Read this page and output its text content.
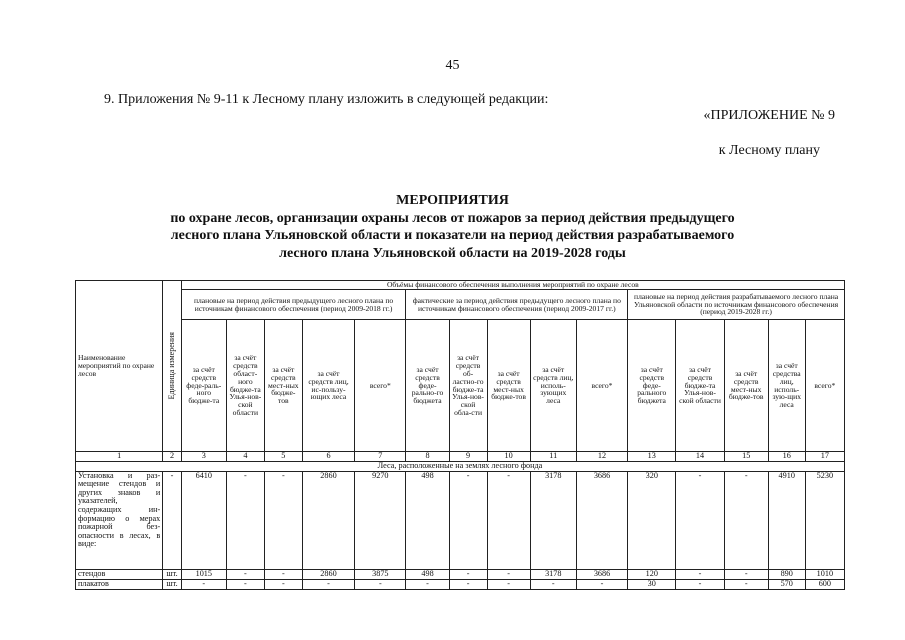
45
9. Приложения № 9-11 к Лесному плану изложить в следующей редакции:
«ПРИЛОЖЕНИЕ № 9
к Лесному плану
МЕРОПРИЯТИЯ
по охране лесов, организации охраны лесов от пожаров за период действия предыдущего
лесного плана Ульяновской области и показатели на период действия разрабатываемого
лесного плана Ульяновской области на 2019-2028 годы
Наименование мероприятий по охране лесов	Единица измерения	Объёмы финансового обеспечения выполнения мероприятий по охране лесов														
		плановые на период действия предыдущего лесного плана по источникам финансового обеспечения (период 2009-2018 гг.)					фактические за период действия предыдущего лесного плана по источникам финансового обеспечения (период 2009-2017 гг.)					плановые на период действия разрабатываемого лесного плана Ульяновской области по источникам финансового обеспечения (период 2019-2028 гг.)				
		за счёт средств феде-раль-ного бюдже-та	за счёт средств област-ного бюдже-та Улья-нов-ской области	за счёт средств мест-ных бюдже-тов	за счёт средств лиц, ис-пользу-ющих леса	всего*	за счёт средств феде-рально-го бюджета	за счёт средств об-ластно-го бюдже-та Улья-нов-ской обла-сти	за счёт средств мест-ных бюдже-тов	за счёт средств лиц, исполь-зующих леса	всего*	за счёт средств феде-рального бюджета	за счёт средств бюдже-та Улья-нов-ской области	за счёт средств мест-ных бюдже-тов	за счёт средства лиц, исполь-зую-щих леса	всего*
1	2	3	4	5	6	7	8	9	10	11	12	13	14	15	16	17
Леса, расположенные на землях лесного фонда																
Установка и раз-мещение стендов и других знаков и указателей, содержащих ин-формацию о мерах пожарной без-опасности в лесах, в виде:	-	6410	-	-	2860	9270	498	-	-	3178	3686	320	-	-	4910	5230
стендов	шт.	1015	-	-	2860	3875	498	-	-	3178	3686	120	-	-	890	1010
плакатов	шт.	-	-	-	-	-	-	-	-	-	-	30	-	-	570	600
